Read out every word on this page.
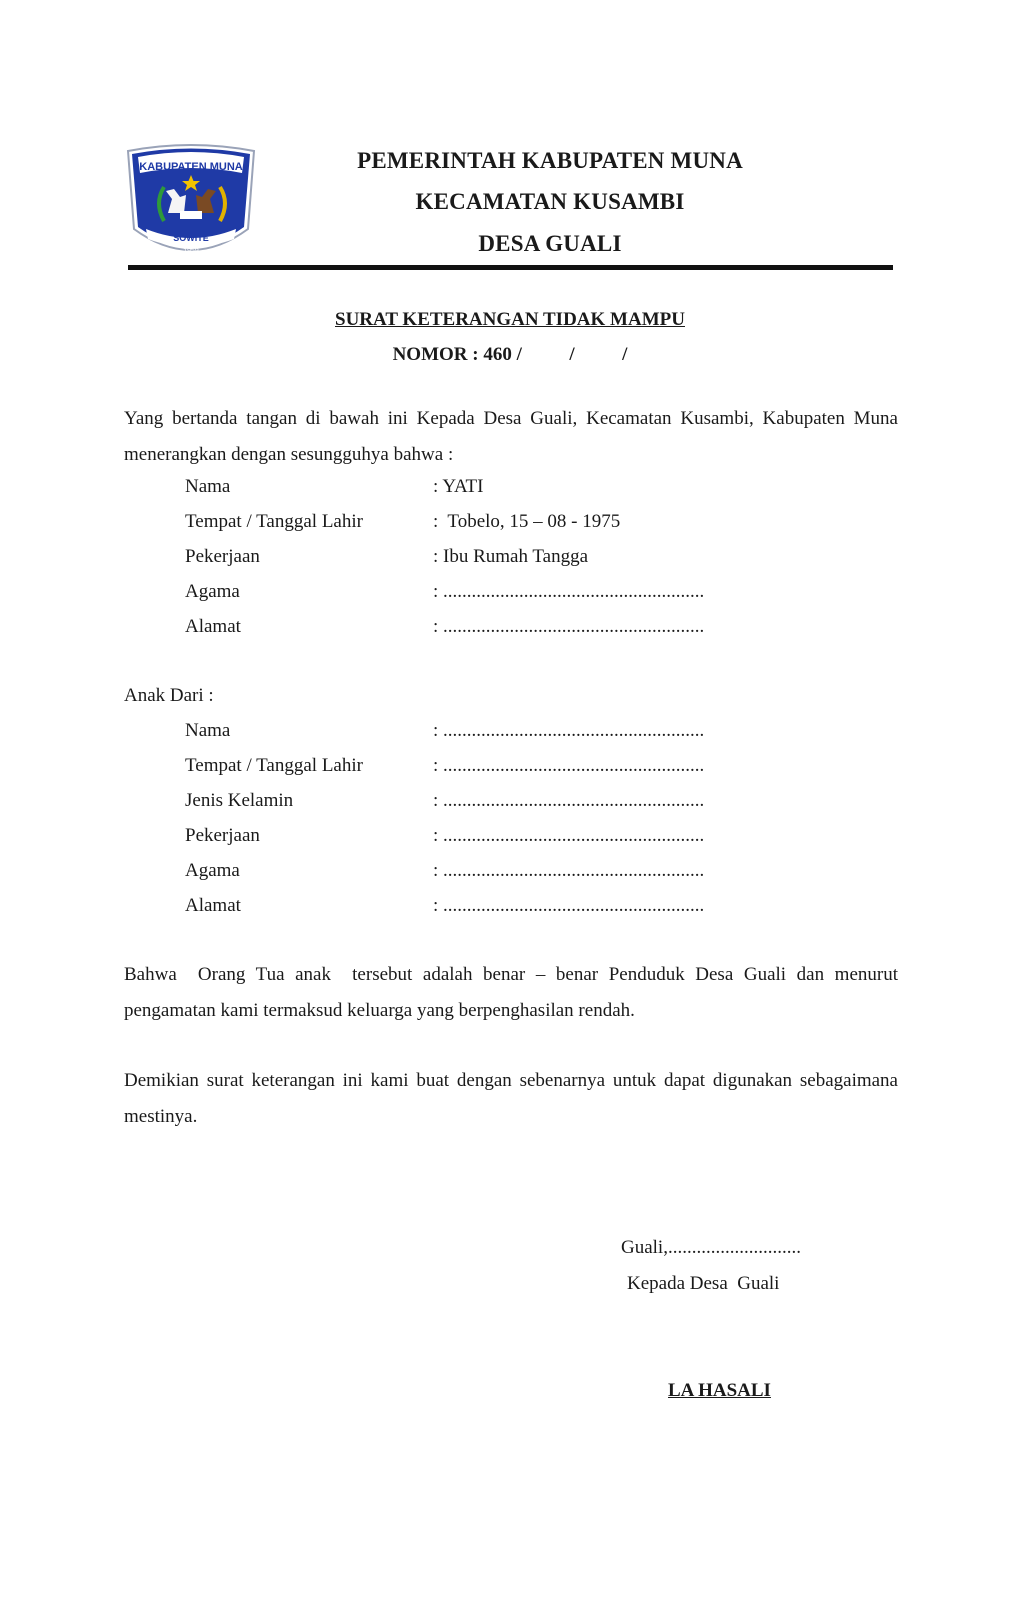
KABUPATEN MUNA
SOWITE
1959
PEMERINTAH KABUPATEN MUNA
KECAMATAN KUSAMBI
DESA GUALI
SURAT KETERANGAN TIDAK MAMPU
NOMOR : 460 /          /          /
Yang bertanda tangan di bawah ini Kepada Desa Guali, Kecamatan Kusambi, Kabupaten Muna menerangkan dengan sesungguhya bahwa :
Nama	: YATI
Tempat / Tanggal Lahir	:  Tobelo, 15 – 08 - 1975
Pekerjaan	: Ibu Rumah Tangga
Agama	: .......................................................
Alamat	: .......................................................
Anak Dari :
Nama	: .......................................................
Tempat / Tanggal Lahir	: .......................................................
Jenis Kelamin	: .......................................................
Pekerjaan	: .......................................................
Agama	: .......................................................
Alamat	: .......................................................
Bahwa  Orang Tua anak  tersebut adalah benar – benar Penduduk Desa Guali dan menurut pengamatan kami termaksud keluarga yang berpenghasilan rendah.
Demikian surat keterangan ini kami buat dengan sebenarnya untuk dapat digunakan sebagaimana mestinya.
Guali,............................
Kepada Desa  Guali
LA HASALI
